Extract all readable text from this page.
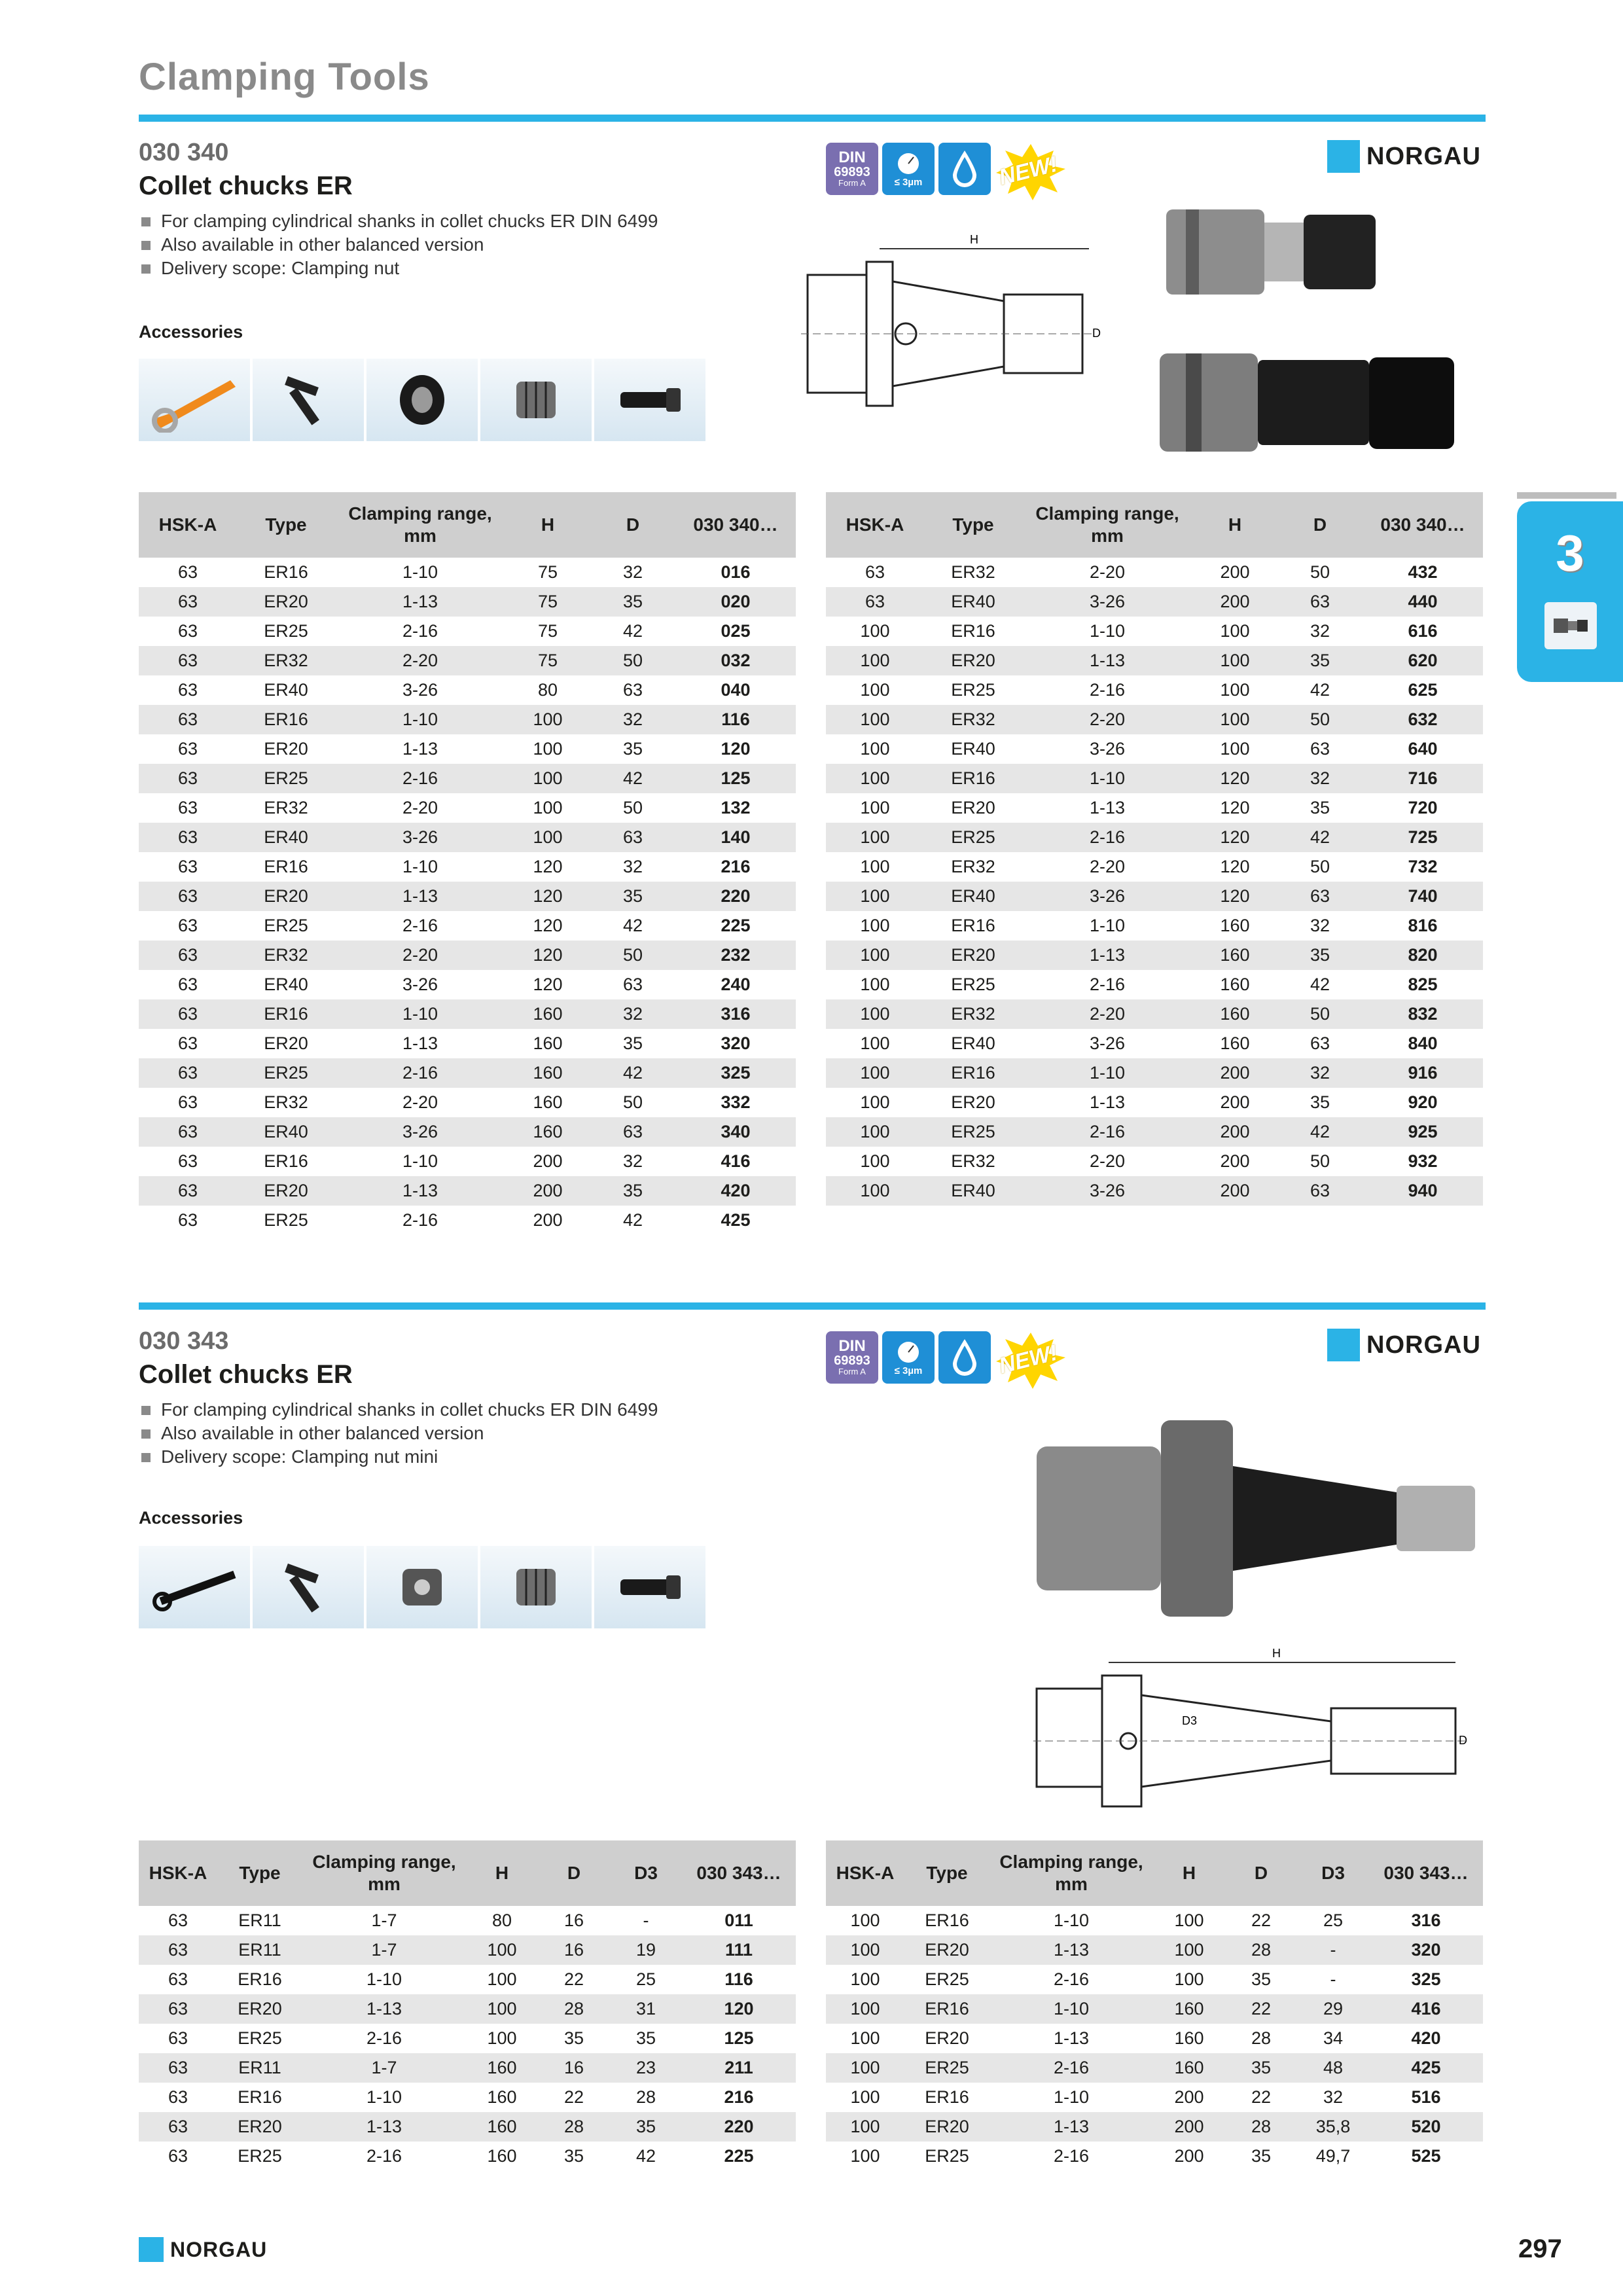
Clamping Tools
3
030 340
Collet chucks ER
For clamping cylindrical shanks in collet chucks ER DIN 6499
Also available in other balanced version
Delivery scope: Clamping nut
Accessories
DIN
69893
Form A	≤ 3µm	NEW!	NORGAU
H
D
HSK-A	Type	Clamping range, mm	H	D	030 340…
63	ER16	1-10	75	32	016
63	ER20	1-13	75	35	020
63	ER25	2-16	75	42	025
63	ER32	2-20	75	50	032
63	ER40	3-26	80	63	040
63	ER16	1-10	100	32	116
63	ER20	1-13	100	35	120
63	ER25	2-16	100	42	125
63	ER32	2-20	100	50	132
63	ER40	3-26	100	63	140
63	ER16	1-10	120	32	216
63	ER20	1-13	120	35	220
63	ER25	2-16	120	42	225
63	ER32	2-20	120	50	232
63	ER40	3-26	120	63	240
63	ER16	1-10	160	32	316
63	ER20	1-13	160	35	320
63	ER25	2-16	160	42	325
63	ER32	2-20	160	50	332
63	ER40	3-26	160	63	340
63	ER16	1-10	200	32	416
63	ER20	1-13	200	35	420
63	ER25	2-16	200	42	425
HSK-A	Type	Clamping range, mm	H	D	030 340…
63	ER32	2-20	200	50	432
63	ER40	3-26	200	63	440
100	ER16	1-10	100	32	616
100	ER20	1-13	100	35	620
100	ER25	2-16	100	42	625
100	ER32	2-20	100	50	632
100	ER40	3-26	100	63	640
100	ER16	1-10	120	32	716
100	ER20	1-13	120	35	720
100	ER25	2-16	120	42	725
100	ER32	2-20	120	50	732
100	ER40	3-26	120	63	740
100	ER16	1-10	160	32	816
100	ER20	1-13	160	35	820
100	ER25	2-16	160	42	825
100	ER32	2-20	160	50	832
100	ER40	3-26	160	63	840
100	ER16	1-10	200	32	916
100	ER20	1-13	200	35	920
100	ER25	2-16	200	42	925
100	ER32	2-20	200	50	932
100	ER40	3-26	200	63	940
030 343
Collet chucks ER
For clamping cylindrical shanks in collet chucks ER DIN 6499
Also available in other balanced version
Delivery scope: Clamping nut mini
Accessories
DIN
69893
Form A	≤ 3µm	NEW!	NORGAU
H
D
D3
HSK-A	Type	Clamping range, mm	H	D	D3	030 343…
63	ER11	1-7	80	16	-	011
63	ER11	1-7	100	16	19	111
63	ER16	1-10	100	22	25	116
63	ER20	1-13	100	28	31	120
63	ER25	2-16	100	35	35	125
63	ER11	1-7	160	16	23	211
63	ER16	1-10	160	22	28	216
63	ER20	1-13	160	28	35	220
63	ER25	2-16	160	35	42	225
HSK-A	Type	Clamping range, mm	H	D	D3	030 343…
100	ER16	1-10	100	22	25	316
100	ER20	1-13	100	28	-	320
100	ER25	2-16	100	35	-	325
100	ER16	1-10	160	22	29	416
100	ER20	1-13	160	28	34	420
100	ER25	2-16	160	35	48	425
100	ER16	1-10	200	22	32	516
100	ER20	1-13	200	28	35,8	520
100	ER25	2-16	200	35	49,7	525
NORGAU	297
